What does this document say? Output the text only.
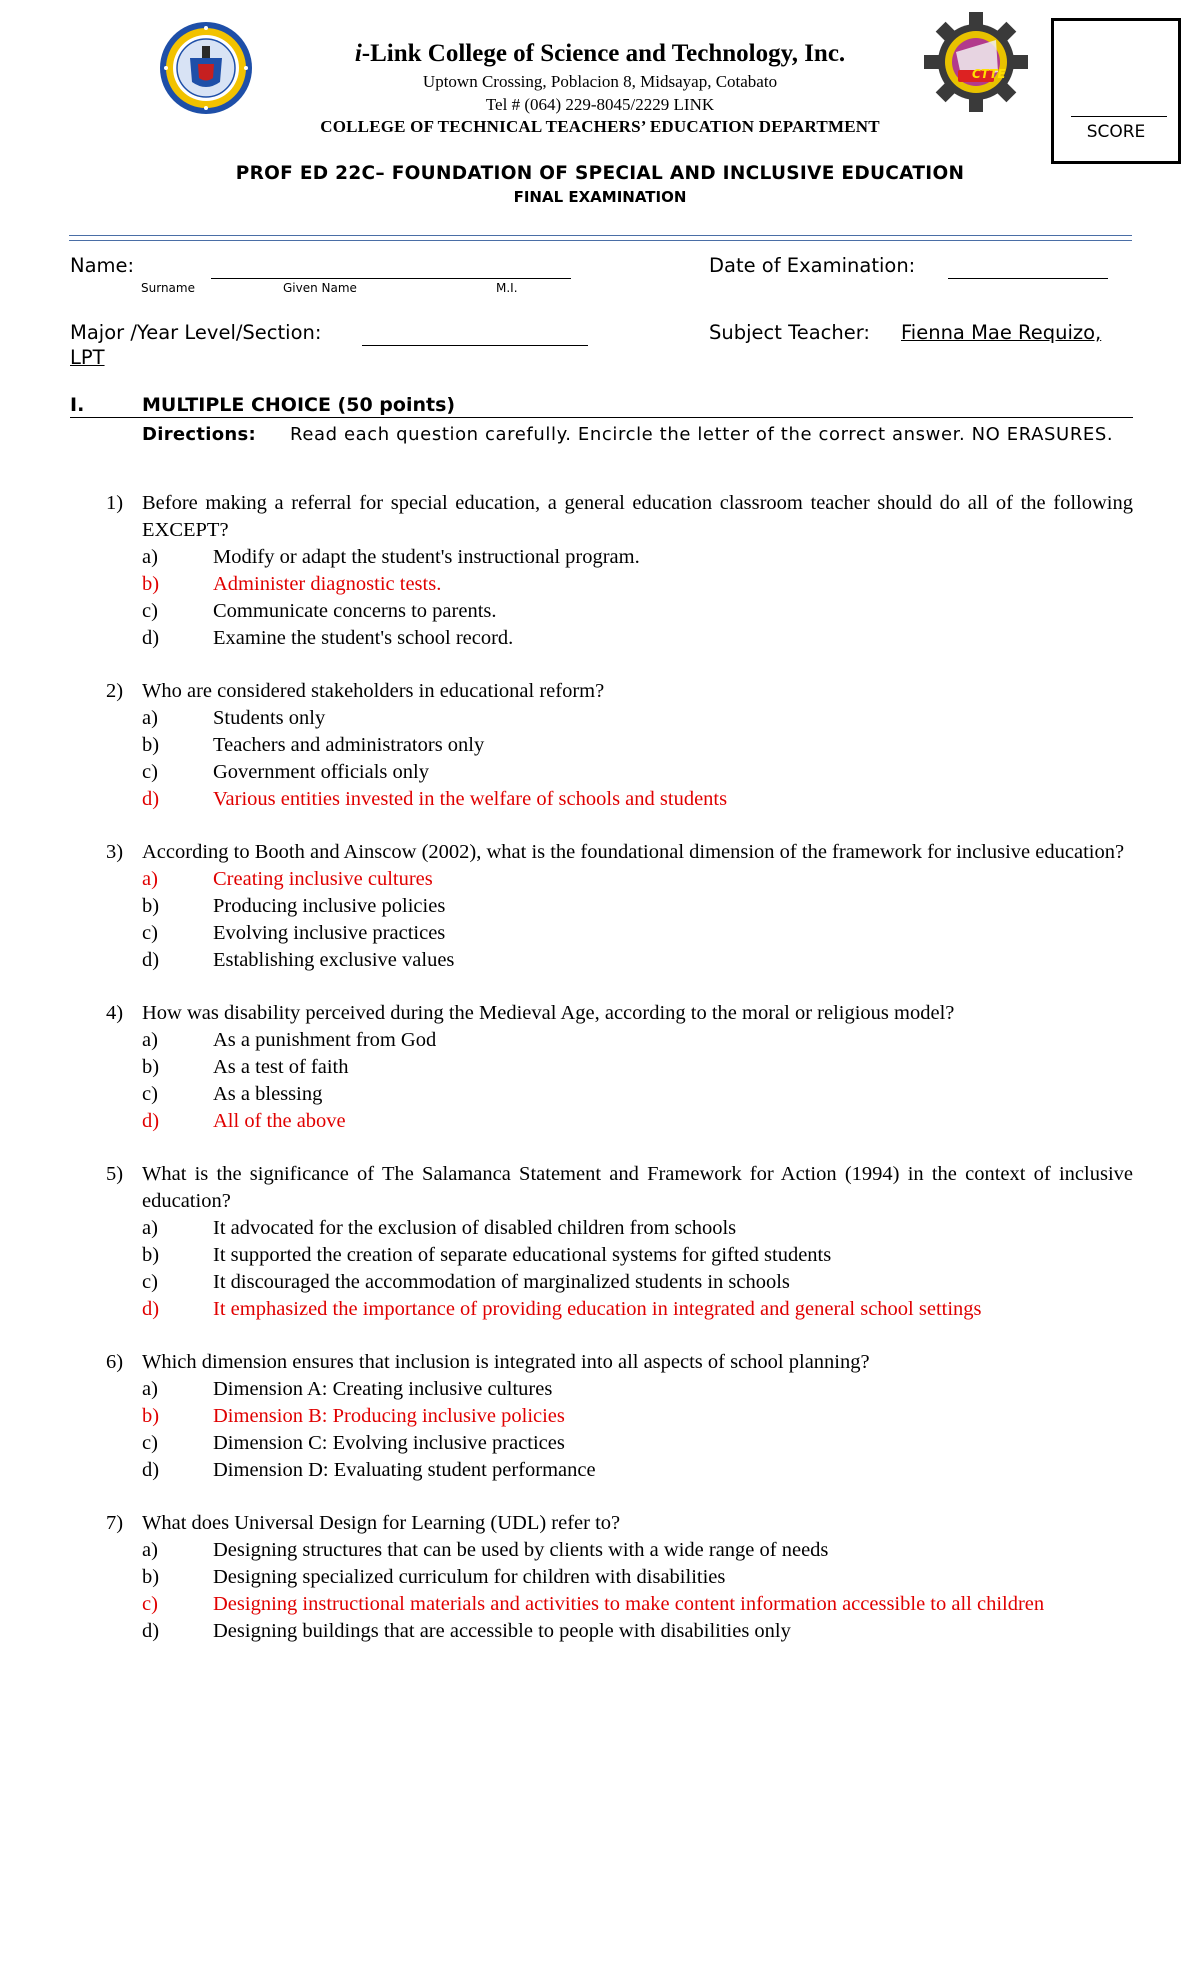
CTTE
i-Link College of Science and Technology, Inc.
Uptown Crossing, Poblacion 8, Midsayap, Cotabato
Tel # (064) 229-8045/2229 LINK
COLLEGE OF TECHNICAL TEACHERS’ EDUCATION DEPARTMENT
PROF ED 22C– FOUNDATION OF SPECIAL AND INCLUSIVE EDUCATION
FINAL EXAMINATION
SCORE
Name:
Surname	Given Name	M.I.
Date of Examination:
Major /Year Level/Section:	Subject Teacher: Fienna Mae Requizo,
LPT
I.	MULTIPLE CHOICE (50 points)
Directions: Read each question carefully. Encircle the letter of the correct answer. NO ERASURES.
1) Before making a referral for special education, a general education classroom teacher should do all of the following EXCEPT?
a)	Modify or adapt the student's instructional program.
b)	Administer diagnostic tests.
c)	Communicate concerns to parents.
d)	Examine the student's school record.
2) Who are considered stakeholders in educational reform?
a)	Students only
b)	Teachers and administrators only
c)	Government officials only
d)	Various entities invested in the welfare of schools and students
3) According to Booth and Ainscow (2002), what is the foundational dimension of the framework for inclusive education?
a)	Creating inclusive cultures
b)	Producing inclusive policies
c)	Evolving inclusive practices
d)	Establishing exclusive values
4) How was disability perceived during the Medieval Age, according to the moral or religious model?
a)	As a punishment from God
b)	As a test of faith
c)	As a blessing
d)	All of the above
5) What is the significance of The Salamanca Statement and Framework for Action (1994) in the context of inclusive education?
a)	It advocated for the exclusion of disabled children from schools
b)	It supported the creation of separate educational systems for gifted students
c)	It discouraged the accommodation of marginalized students in schools
d)	It emphasized the importance of providing education in integrated and general school settings
6) Which dimension ensures that inclusion is integrated into all aspects of school planning?
a)	Dimension A: Creating inclusive cultures
b)	Dimension B: Producing inclusive policies
c)	Dimension C: Evolving inclusive practices
d)	Dimension D: Evaluating student performance
7) What does Universal Design for Learning (UDL) refer to?
a)	Designing structures that can be used by clients with a wide range of needs
b)	Designing specialized curriculum for children with disabilities
c)	Designing instructional materials and activities to make content information accessible to all children
d)	Designing buildings that are accessible to people with disabilities only
